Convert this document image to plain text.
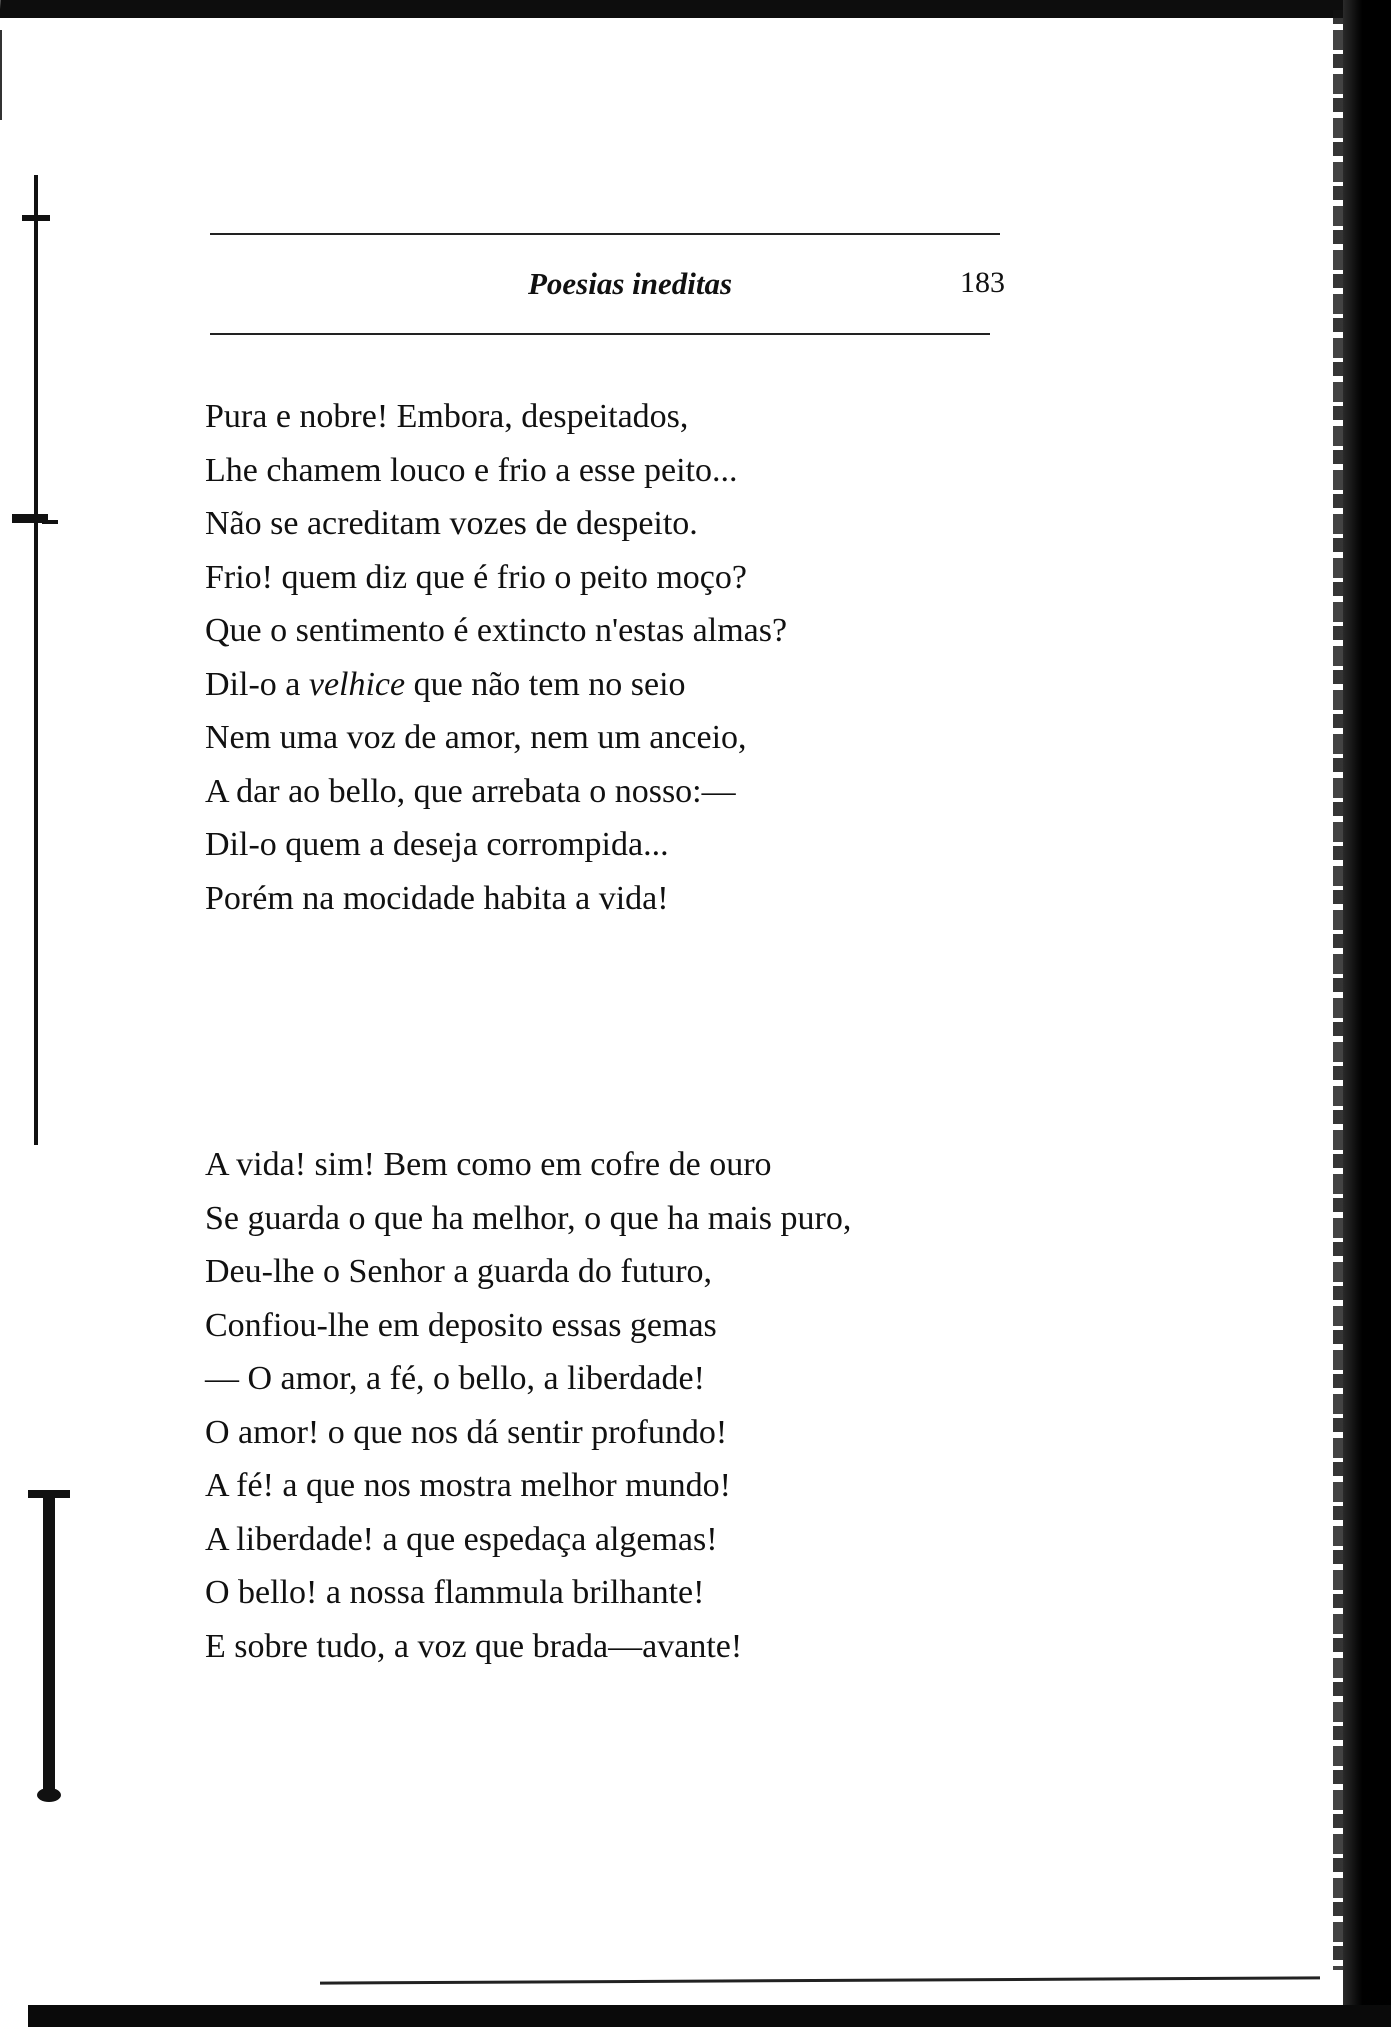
Poesias ineditas	183
Pura e nobre! Embora, despeitados,
Lhe chamem louco e frio a esse peito...
Não se acreditam vozes de despeito.
Frio! quem diz que é frio o peito moço?
Que o sentimento é extincto n'estas almas?
Dil-o a velhice que não tem no seio
Nem uma voz de amor, nem um anceio,
A dar ao bello, que arrebata o nosso:—
Dil-o quem a deseja corrompida...
Porém na mocidade habita a vida!
A vida! sim! Bem como em cofre de ouro
Se guarda o que ha melhor, o que ha mais puro,
Deu-lhe o Senhor a guarda do futuro,
Confiou-lhe em deposito essas gemas
— O amor, a fé, o bello, a liberdade!
O amor! o que nos dá sentir profundo!
A fé! a que nos mostra melhor mundo!
A liberdade! a que espedaça algemas!
O bello! a nossa flammula brilhante!
E sobre tudo, a voz que brada—avante!
